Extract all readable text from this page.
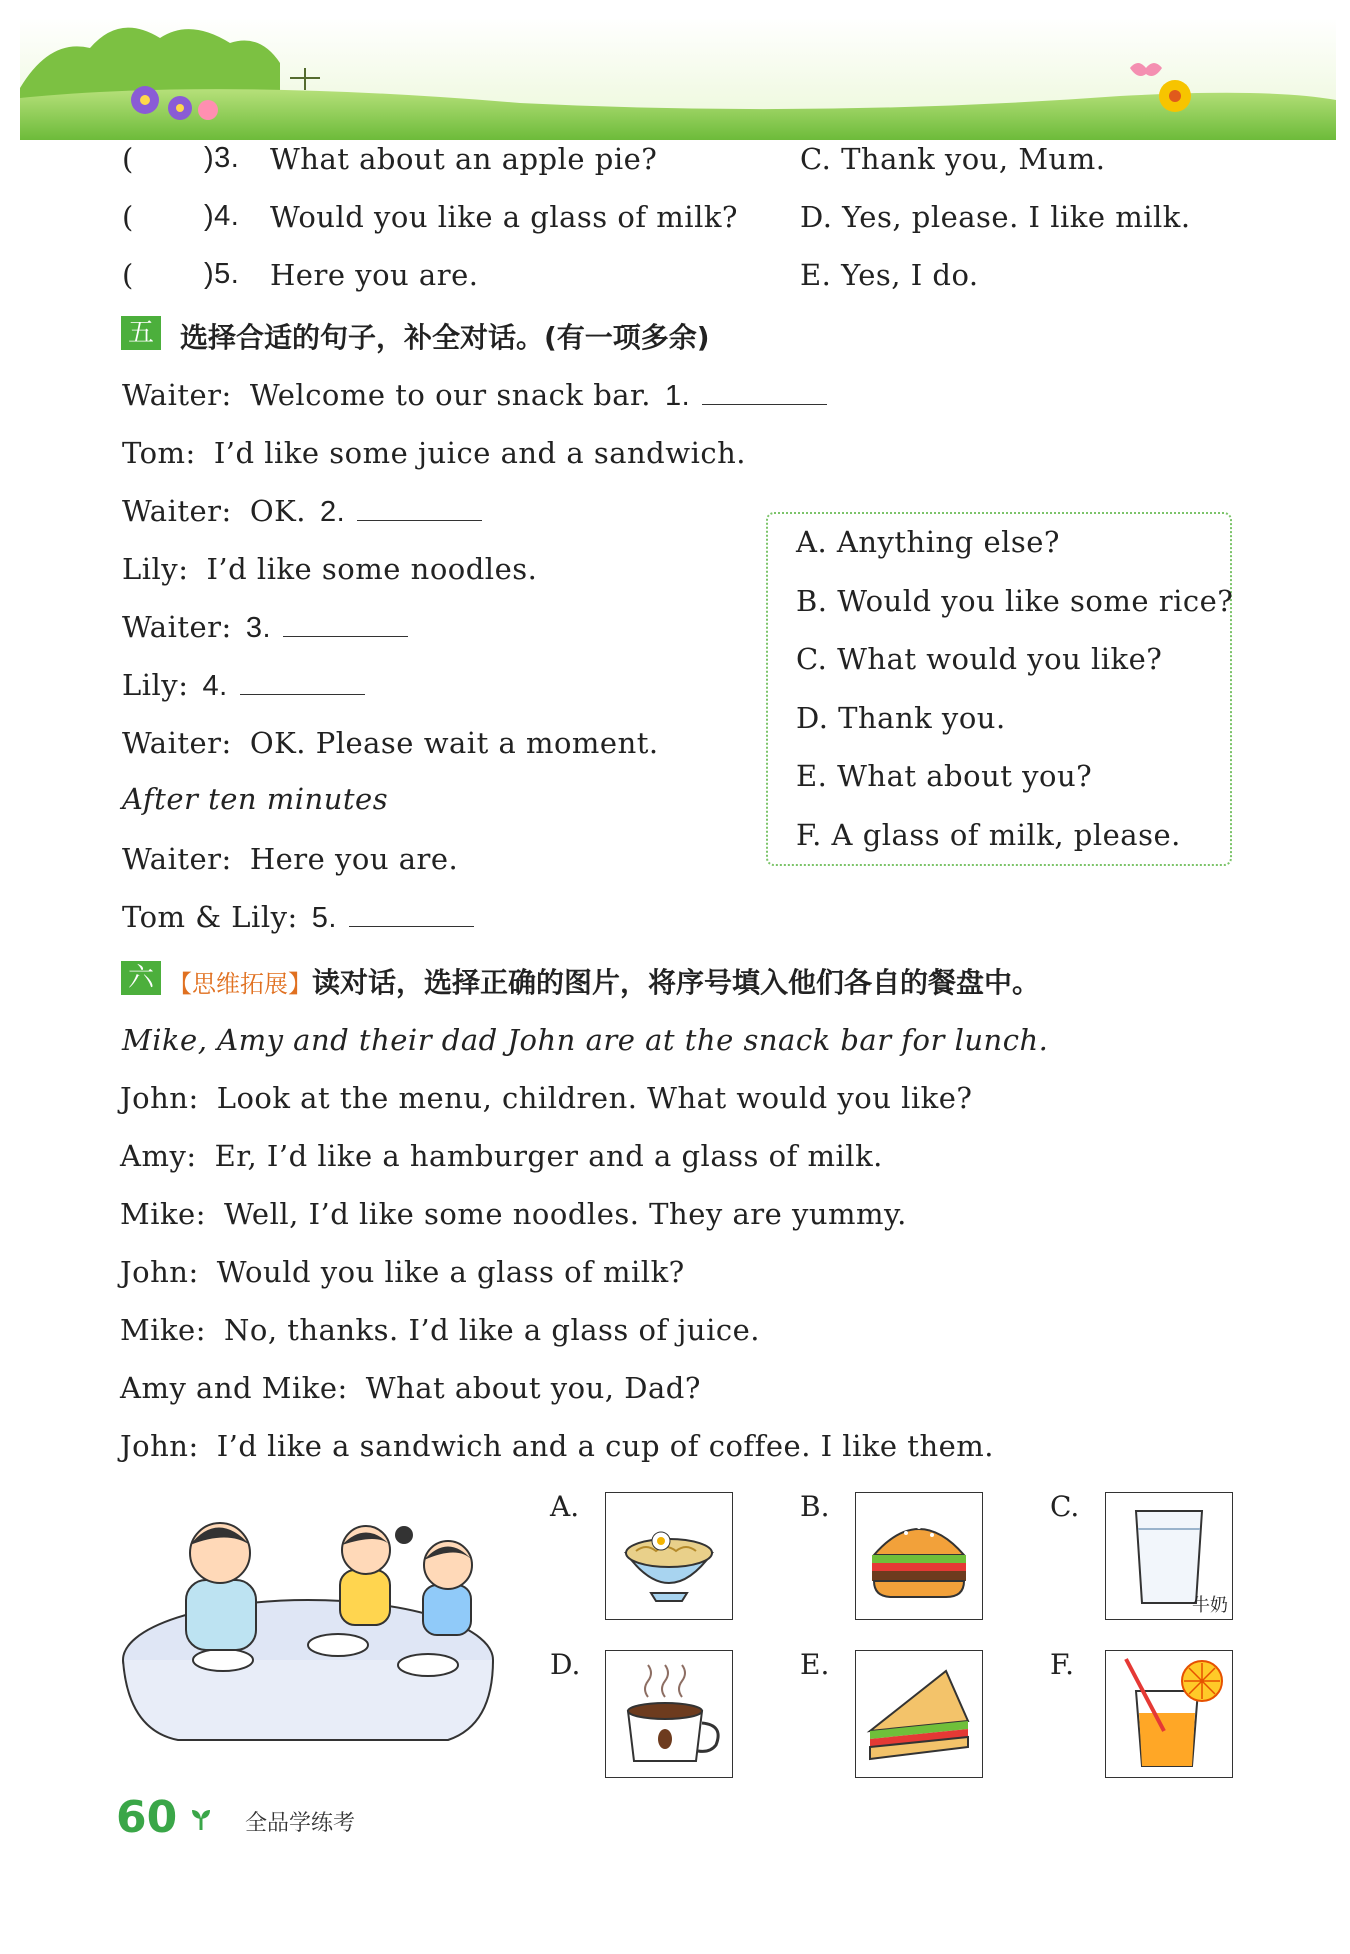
( )3. What about an apple pie?	C. Thank you, Mum.
( )4. Would you like a glass of milk? D. Yes, please. I like milk.
( )5. Here you are.	E. Yes, I do.
五 选择合适的句子，补全对话。(有一项多余)
Waiter: Welcome to our snack bar. 1.
Tom: I’d like some juice and a sandwich.
Waiter: OK. 2.
Lily: I’d like some noodles.
Waiter: 3.
Lily: 4.
Waiter: OK. Please wait a moment.
After ten minutes
Waiter: Here you are.
Tom & Lily: 5.
A. Anything else?
B. Would you like some rice?
C. What would you like?
D. Thank you.
E. What about you?
F. A glass of milk, please.
六 【思维拓展】读对话，选择正确的图片，将序号填入他们各自的餐盘中。
Mike, Amy and their dad John are at the snack bar for lunch.
John: Look at the menu, children. What would you like?
Amy: Er, I’d like a hamburger and a glass of milk.
Mike: Well, I’d like some noodles. They are yummy.
John: Would you like a glass of milk?
Mike: No, thanks. I’d like a glass of juice.
Amy and Mike: What about you, Dad?
John: I’d like a sandwich and a cup of coffee. I like them.
A.	B.	C.
牛奶
D.	E.	F.
60	全品学练考
